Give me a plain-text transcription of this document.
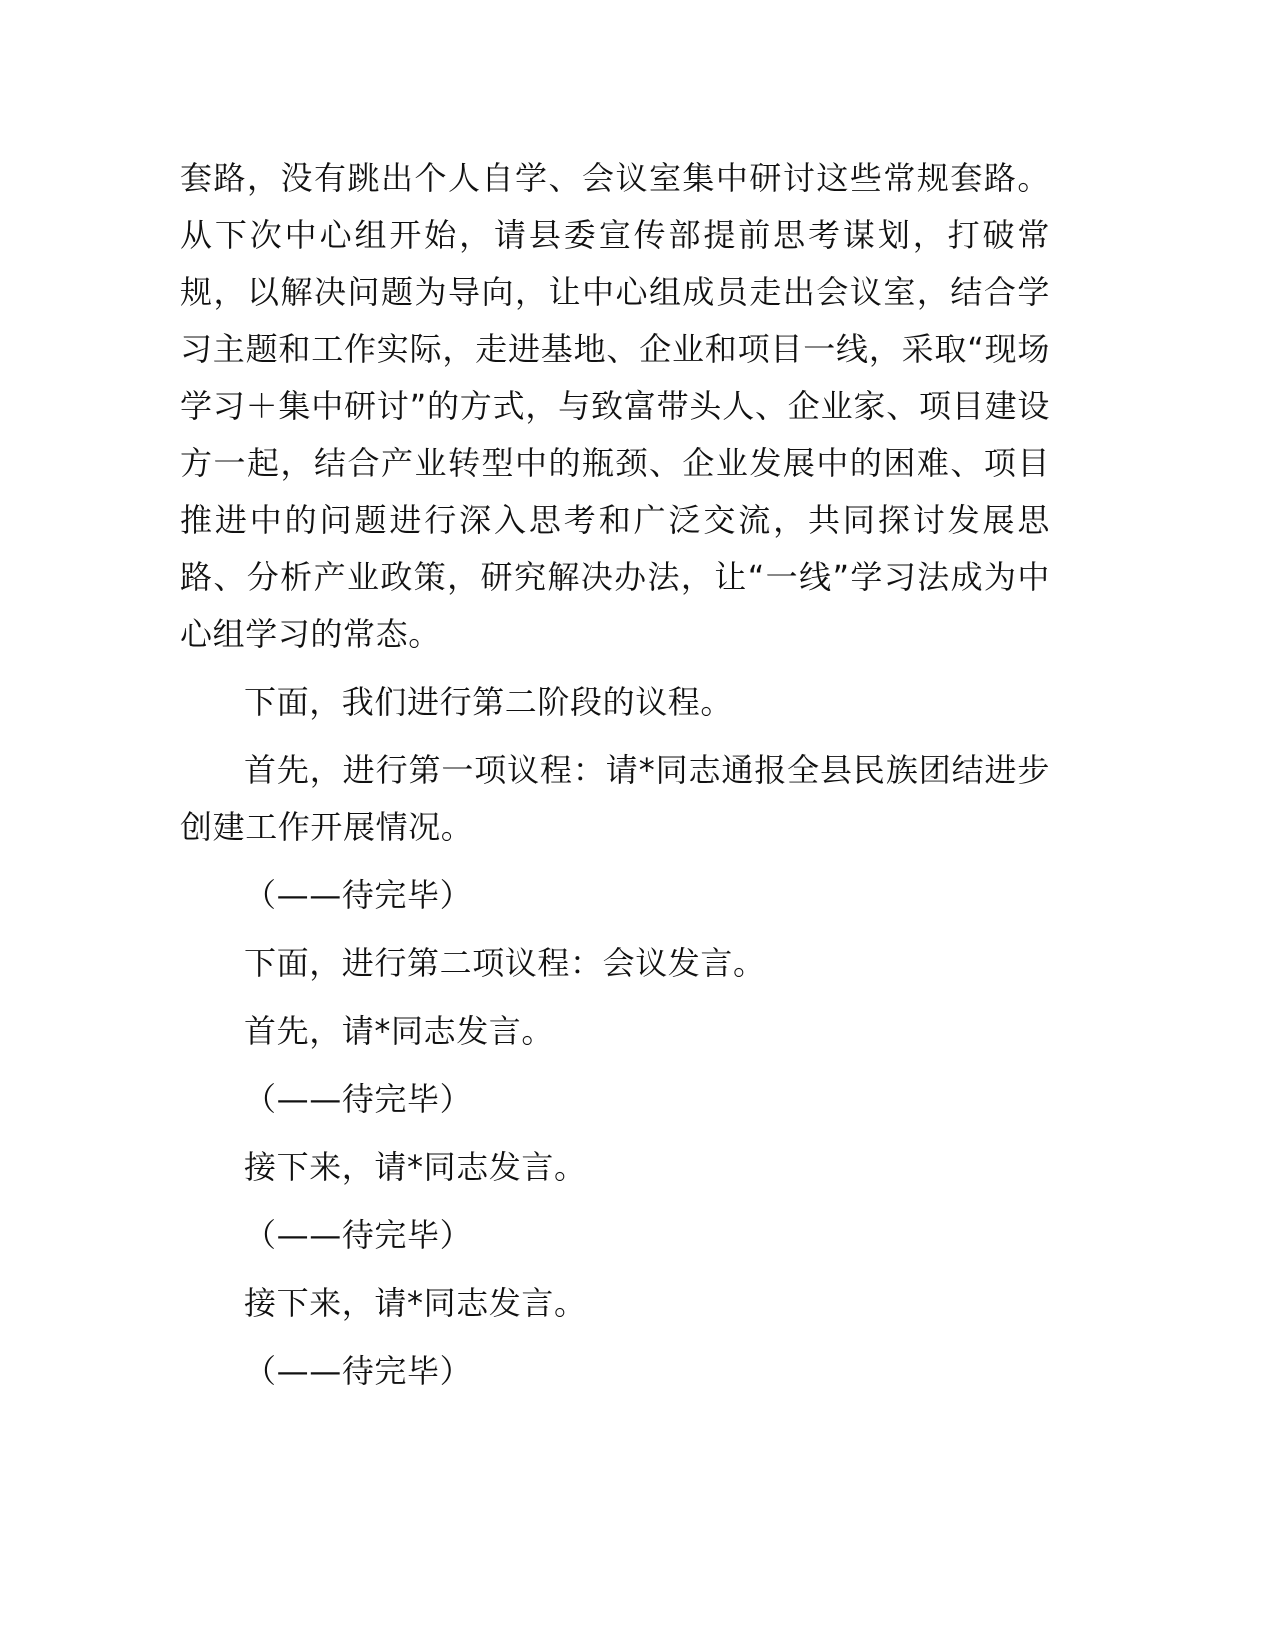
套路，没有跳出个人自学、会议室集中研讨这些常规套路。从下次中心组开始，请县委宣传部提前思考谋划，打破常规，以解决问题为导向，让中心组成员走出会议室，结合学习主题和工作实际，走进基地、企业和项目一线，采取“现场学习＋集中研讨”的方式，与致富带头人、企业家、项目建设方一起，结合产业转型中的瓶颈、企业发展中的困难、项目推进中的问题进行深入思考和广泛交流，共同探讨发展思路、分析产业政策，研究解决办法，让“一线”学习法成为中心组学习的常态。

下面，我们进行第二阶段的议程。

首先，进行第一项议程：请*同志通报全县民族团结进步创建工作开展情况。

（——待完毕）

下面，进行第二项议程：会议发言。

首先，请*同志发言。

（——待完毕）

接下来，请*同志发言。

（——待完毕）

接下来，请*同志发言。

（——待完毕）
